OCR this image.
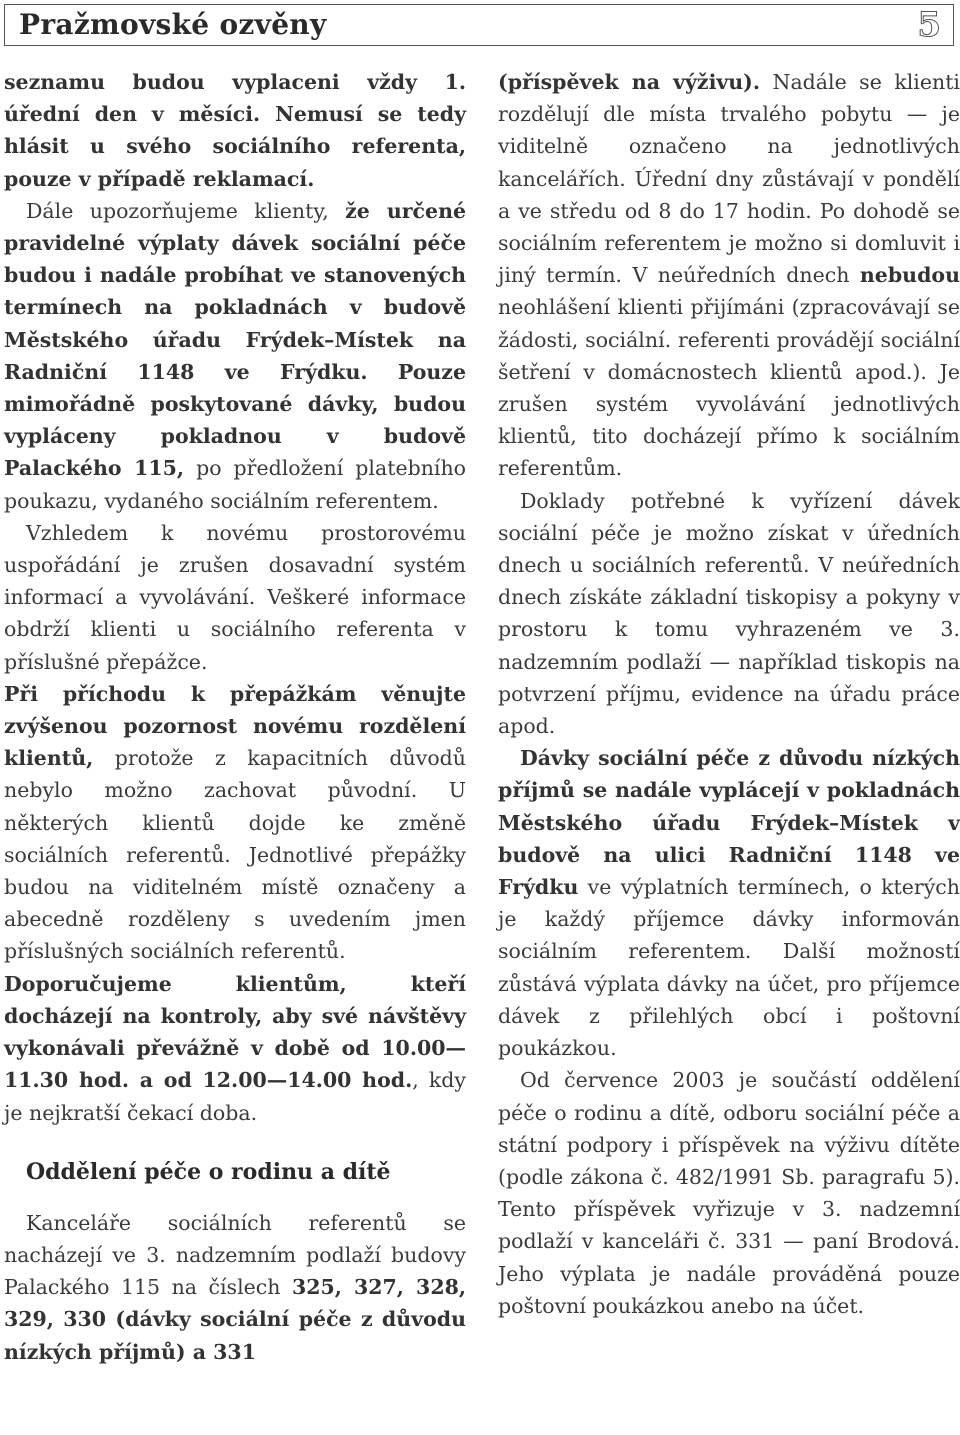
Pražmovské ozvěny	5

seznamu budou vyplaceni vždy 1. úřední den v měsíci. Nemusí se tedy hlásit u svého sociálního referenta, pouze v případě reklamací.

Dále upozorňujeme klienty, že určené pravidelné výplaty dávek sociální péče budou i nadále probíhat ve stanovených termínech na pokladnách v budově Městského úřadu Frýdek–Místek na Radniční 1148 ve Frýdku. Pouze mimořádně poskytované dávky, budou vypláceny pokladnou v budově Palackého 115, po předložení platebního poukazu, vydaného sociálním referentem.

Vzhledem k novému prostorovému uspořádání je zrušen dosavadní systém informací a vyvolávání. Veškeré informace obdrží klienti u sociálního referenta v příslušné přepážce.

Při příchodu k přepážkám věnujte zvýšenou pozornost novému rozdělení klientů, protože z kapacitních důvodů nebylo možno zachovat původní. U některých klientů dojde ke změně sociálních referentů. Jednotlivé přepážky budou na viditelném místě označeny a abecedně rozděleny s uvedením jmen příslušných sociálních referentů.

Doporučujeme klientům, kteří docházejí na kontroly, aby své návštěvy vykonávali převážně v době od 10.00—11.30 hod. a od 12.00—14.00 hod., kdy je nejkratší čekací doba.

Oddělení péče o rodinu a dítě

Kanceláře sociálních referentů se nacházejí ve 3. nadzemním podlaží budovy Palackého 115 na číslech 325, 327, 328, 329, 330 (dávky sociální péče z důvodu nízkých příjmů) a 331

(příspěvek na výživu). Nadále se klienti rozdělují dle místa trvalého pobytu — je viditelně označeno na jednotlivých kancelářích. Úřední dny zůstávají v pondělí a ve středu od 8 do 17 hodin. Po dohodě se sociálním referentem je možno si domluvit i jiný termín. V neúředních dnech nebudou neohlášení klienti přijímáni (zpracovávají se žádosti, sociální. referenti provádějí sociální šetření v domácnostech klientů apod.). Je zrušen systém vyvolávání jednotlivých klientů, tito docházejí přímo k sociálním referentům.

Doklady potřebné k vyřízení dávek sociální péče je možno získat v úředních dnech u sociálních referentů. V neúředních dnech získáte základní tiskopisy a pokyny v prostoru k tomu vyhrazeném ve 3. nadzemním podlaží — například tiskopis na potvrzení příjmu, evidence na úřadu práce apod.

Dávky sociální péče z důvodu nízkých příjmů se nadále vyplácejí v pokladnách Městského úřadu Frýdek–Místek v budově na ulici Radniční 1148 ve Frýdku ve výplatních termínech, o kterých je každý příjemce dávky informován sociálním referentem. Další možností zůstává výplata dávky na účet, pro příjemce dávek z přilehlých obcí i poštovní poukázkou.

Od července 2003 je součástí oddělení péče o rodinu a dítě, odboru sociální péče a státní podpory i příspěvek na výživu dítěte (podle zákona č. 482/1991 Sb. paragrafu 5). Tento příspěvek vyřizuje v 3. nadzemní podlaží v kanceláři č. 331 — paní Brodová. Jeho výplata je nadále prováděná pouze poštovní poukázkou anebo na účet.
